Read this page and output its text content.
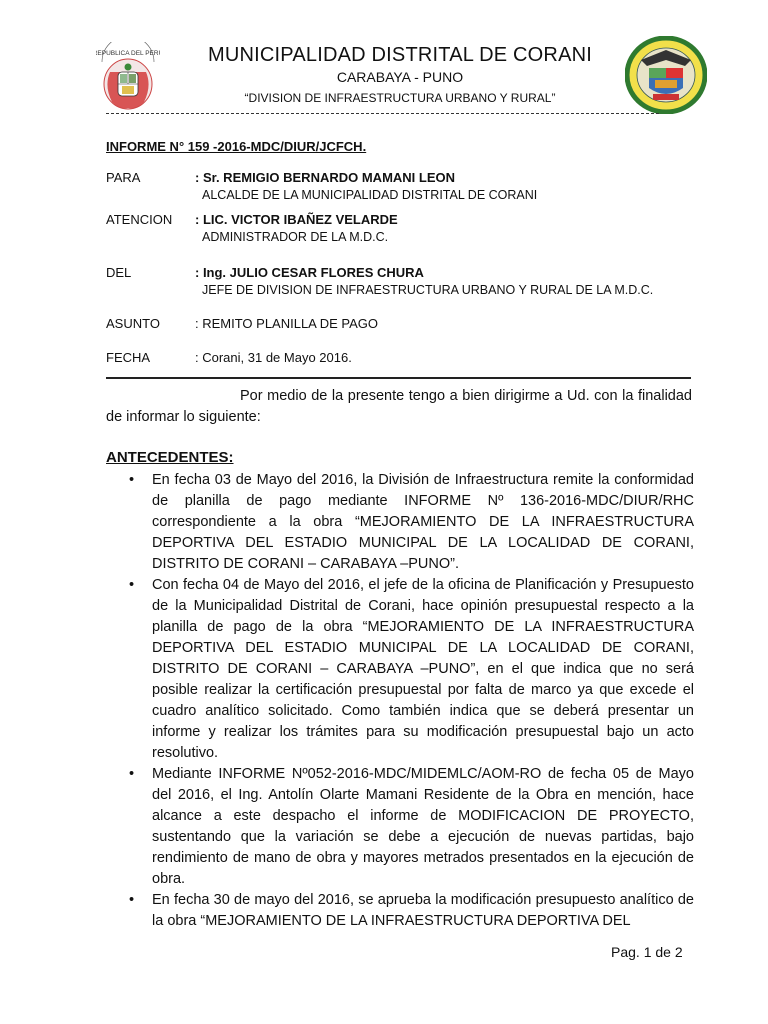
REPUBLICA DEL PERU	MUNICIPALIDAD DISTRITAL DE CORANI
CARABAYA - PUNO
“DIVISION DE INFRAESTRUCTURA URBANO Y RURAL”
INFORME N° 159 -2016-MDC/DIUR/JCFCH.
PARA	: Sr. REMIGIO BERNARDO MAMANI LEON
ALCALDE DE LA MUNICIPALIDAD DISTRITAL DE CORANI
ATENCION : LIC. VICTOR IBAÑEZ VELARDE
ADMINISTRADOR DE LA M.D.C.
DEL	: Ing. JULIO CESAR FLORES CHURA
JEFE DE DIVISION DE INFRAESTRUCTURA URBANO Y RURAL DE LA M.D.C.
ASUNTO	: REMITO PLANILLA DE PAGO
FECHA	: Corani, 31 de Mayo 2016.
Por medio de la presente tengo a bien dirigirme a Ud. con la finalidad de informar lo siguiente:
ANTECEDENTES:
• En fecha 03 de Mayo del 2016, la División de Infraestructura remite la conformidad de planilla de pago mediante INFORME Nº 136-2016-MDC/DIUR/RHC correspondiente a la obra “MEJORAMIENTO DE LA INFRAESTRUCTURA DEPORTIVA DEL ESTADIO MUNICIPAL DE LA LOCALIDAD DE CORANI, DISTRITO DE CORANI – CARABAYA –PUNO”.
• Con fecha 04 de Mayo del 2016, el jefe de la oficina de Planificación y Presupuesto de la Municipalidad Distrital de Corani, hace opinión presupuestal respecto a la planilla de pago de la obra “MEJORAMIENTO DE LA INFRAESTRUCTURA DEPORTIVA DEL ESTADIO MUNICIPAL DE LA LOCALIDAD DE CORANI, DISTRITO DE CORANI – CARABAYA –PUNO”, en el que indica que no será posible realizar la certificación presupuestal por falta de marco ya que excede el cuadro analítico solicitado. Como también indica que se deberá presentar un informe y realizar los trámites para su modificación presupuestal bajo un acto resolutivo.
• Mediante INFORME Nº052-2016-MDC/MIDEMLC/AOM-RO de fecha 05 de Mayo del 2016, el Ing. Antolín Olarte Mamani Residente de la Obra en mención, hace alcance a este despacho el informe de MODIFICACION DE PROYECTO, sustentando que la variación se debe a ejecución de nuevas partidas, bajo rendimiento de mano de obra y mayores metrados presentados en la ejecución de obra.
• En fecha 30 de mayo del 2016, se aprueba la modificación presupuesto analítico de la obra “MEJORAMIENTO DE LA INFRAESTRUCTURA DEPORTIVA DEL
Pag. 1 de 2
